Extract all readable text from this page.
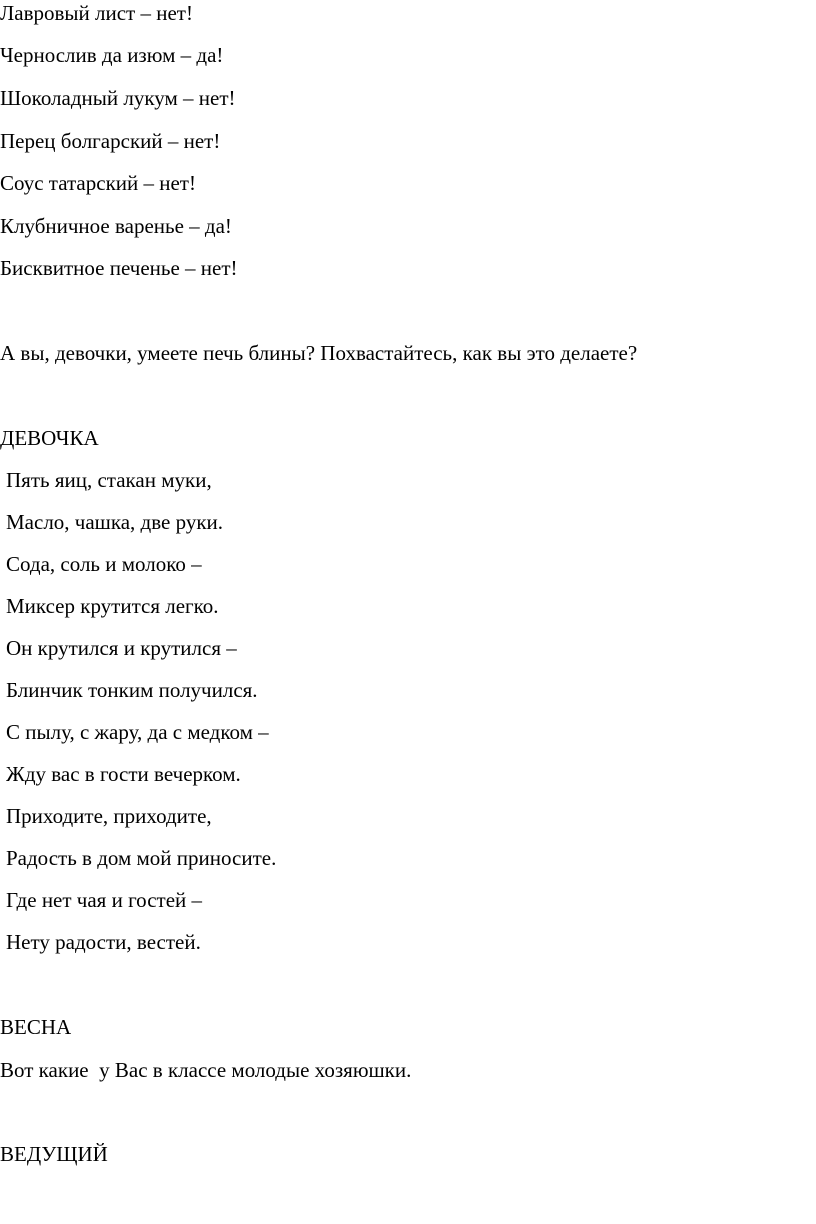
Лавровый лист – нет!

Чернослив да изюм – да!

Шоколадный лукум – нет!

Перец болгарский – нет!

Соус татарский – нет!

Клубничное варенье – да!

Бисквитное печенье – нет!

А вы, девочки, умеете печь блины? Похвастайтесь, как вы это делаете?

ДЕВОЧКА

Пять яиц, стакан муки,

Масло, чашка, две руки.

Сода, соль и молоко –

Миксер крутится легко.

Он крутился и крутился –

Блинчик тонким получился.

С пылу, с жару, да с медком –

Жду вас в гости вечерком.

Приходите, приходите,

Радость в дом мой приносите.

Где нет чая и гостей –

Нету радости, вестей.

ВЕСНА

Вот какие  у Вас в классе молодые хозяюшки.

ВЕДУЩИЙ
